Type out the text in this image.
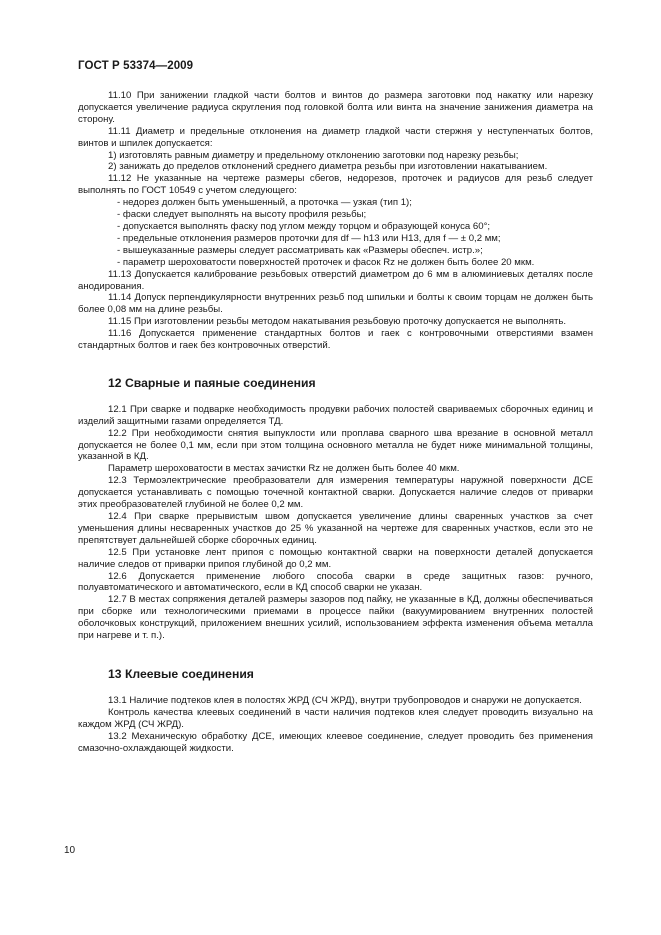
ГОСТ Р 53374—2009

11.10 При занижении гладкой части болтов и винтов до размера заготовки под накатку или нарезку допускается увеличение радиуса скругления под головкой болта или винта на значение занижения диаметра на сторону.

11.11 Диаметр и предельные отклонения на диаметр гладкой части стержня у неступенчатых болтов, винтов и шпилек допускается:

1) изготовлять равным диаметру и предельному отклонению заготовки под нарезку резьбы;

2) занижать до пределов отклонений среднего диаметра резьбы при изготовлении накатыванием.

11.12 Не указанные на чертеже размеры сбегов, недорезов, проточек и радиусов для резьб следует выполнять по ГОСТ 10549 с учетом следующего:

- недорез должен быть уменьшенный, а проточка — узкая (тип 1);

- фаски следует выполнять на высоту профиля резьбы;

- допускается выполнять фаску под углом между торцом и образующей конуса 60°;

- предельные отклонения размеров проточки для df — h13 или H13, для f — ± 0,2 мм;

- вышеуказанные размеры следует рассматривать как «Размеры обеспеч. истр.»;

- параметр шероховатости поверхностей проточек и фасок Rz не должен быть более 20 мкм.

11.13 Допускается калибрование резьбовых отверстий диаметром до 6 мм в алюминиевых деталях после анодирования.

11.14 Допуск перпендикулярности внутренних резьб под шпильки и болты к своим торцам не должен быть более 0,08 мм на длине резьбы.

11.15 При изготовлении резьбы методом накатывания резьбовую проточку допускается не выполнять.

11.16 Допускается применение стандартных болтов и гаек с контровочными отверстиями взамен стандартных болтов и гаек без контровочных отверстий.

12 Сварные и паяные соединения

12.1 При сварке и подварке необходимость продувки рабочих полостей свариваемых сборочных единиц и изделий защитными газами определяется ТД.

12.2 При необходимости снятия выпуклости или проплава сварного шва врезание в основной металл допускается не более 0,1 мм, если при этом толщина основного металла не будет ниже минимальной толщины, указанной в КД.

Параметр шероховатости в местах зачистки Rz не должен быть более 40 мкм.

12.3 Термоэлектрические преобразователи для измерения температуры наружной поверхности ДСЕ допускается устанавливать с помощью точечной контактной сварки. Допускается наличие следов от приварки этих преобразователей глубиной не более 0,2 мм.

12.4 При сварке прерывистым швом допускается увеличение длины сваренных участков за счет уменьшения длины несваренных участков до 25 % указанной на чертеже для сваренных участков, если это не препятствует дальнейшей сборке сборочных единиц.

12.5 При установке лент припоя с помощью контактной сварки на поверхности деталей допускается наличие следов от приварки припоя глубиной до 0,2 мм.

12.6 Допускается применение любого способа сварки в среде защитных газов: ручного, полуавтоматического и автоматического, если в КД способ сварки не указан.

12.7 В местах сопряжения деталей размеры зазоров под пайку, не указанные в КД, должны обеспечиваться при сборке или технологическими приемами в процессе пайки (вакуумированием внутренних полостей оболочковых конструкций, приложением внешних усилий, использованием эффекта изменения объема металла при нагреве и т. п.).

13 Клеевые соединения

13.1 Наличие подтеков клея в полостях ЖРД (СЧ ЖРД), внутри трубопроводов и снаружи не допускается.

Контроль качества клеевых соединений в части наличия подтеков клея следует проводить визуально на каждом ЖРД (СЧ ЖРД).

13.2 Механическую обработку ДСЕ, имеющих клеевое соединение, следует проводить без применения смазочно-охлаждающей жидкости.

10
